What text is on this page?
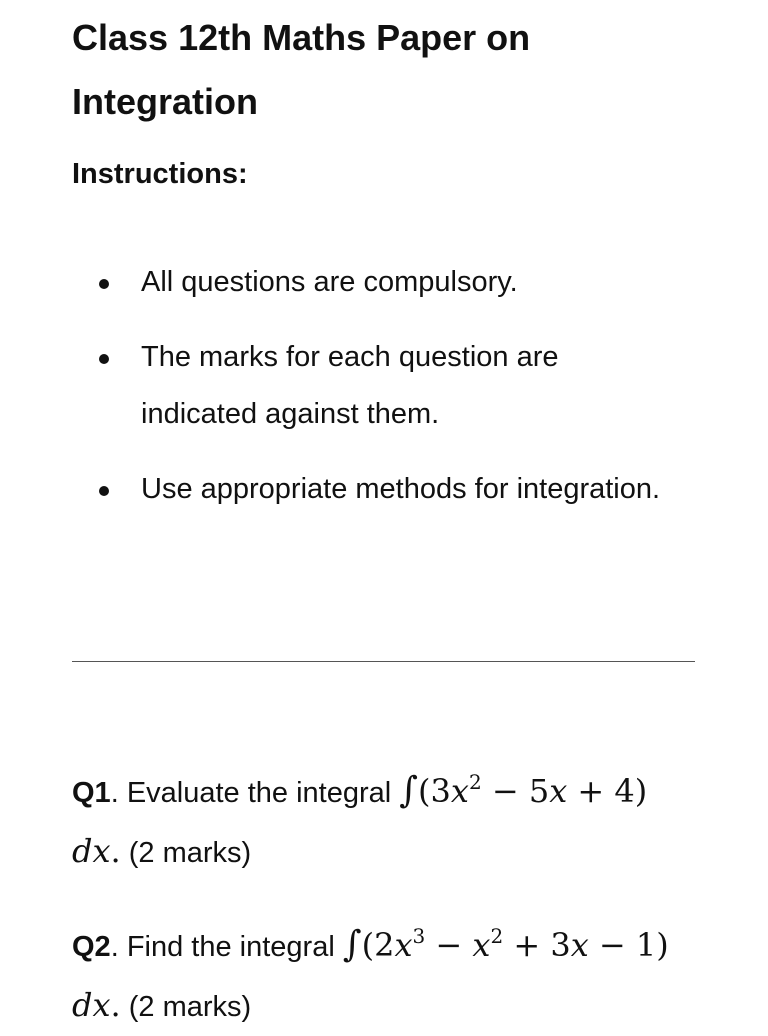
Class 12th Maths Paper on Integration
Instructions:
All questions are compulsory.
The marks for each question are indicated against them.
Use appropriate methods for integration.

Q1. Evaluate the integral $\int(3x^2 - 5x + 4)$ dx. (2 marks)

Q2. Find the integral $\int(2x^3 - x^2 + 3x - 1)$ dx. (2 marks)
